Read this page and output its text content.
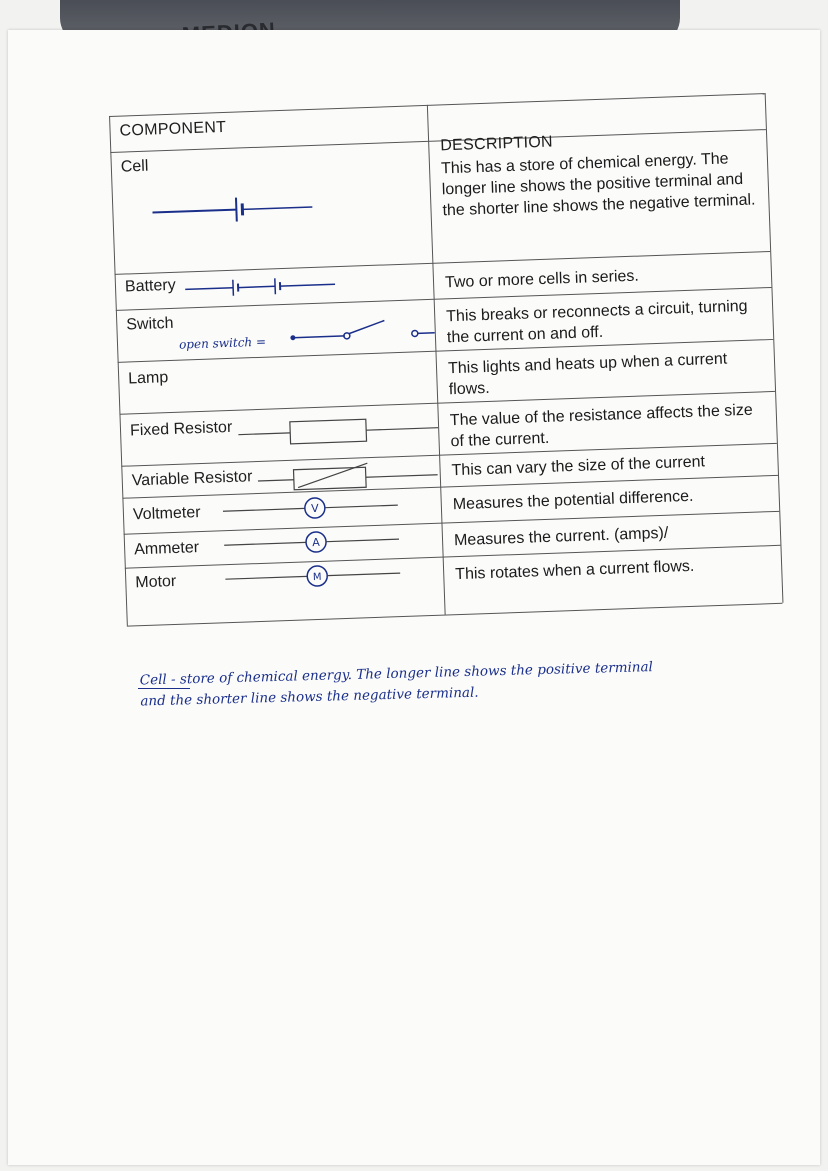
COMPONENT
DESCRIPTION
Cell
Battery
Switch
Lamp
Fixed Resistor
Variable Resistor
Voltmeter
Ammeter
Motor
This has a store of chemical energy. The longer line shows the positive terminal and the shorter line shows the negative terminal.
Two or more cells in series.
This breaks or reconnects a circuit, turning the current on and off.
This lights and heats up when a current flows.
The value of the resistance affects the size of the current.
This can vary the size of the current
Measures the potential difference.
Measures the current. (amps)/
This rotates when a current flows.
open switch =
V
A
M
Cell - store of chemical energy. The longer line shows the positive terminal
and the shorter line shows the negative terminal.
